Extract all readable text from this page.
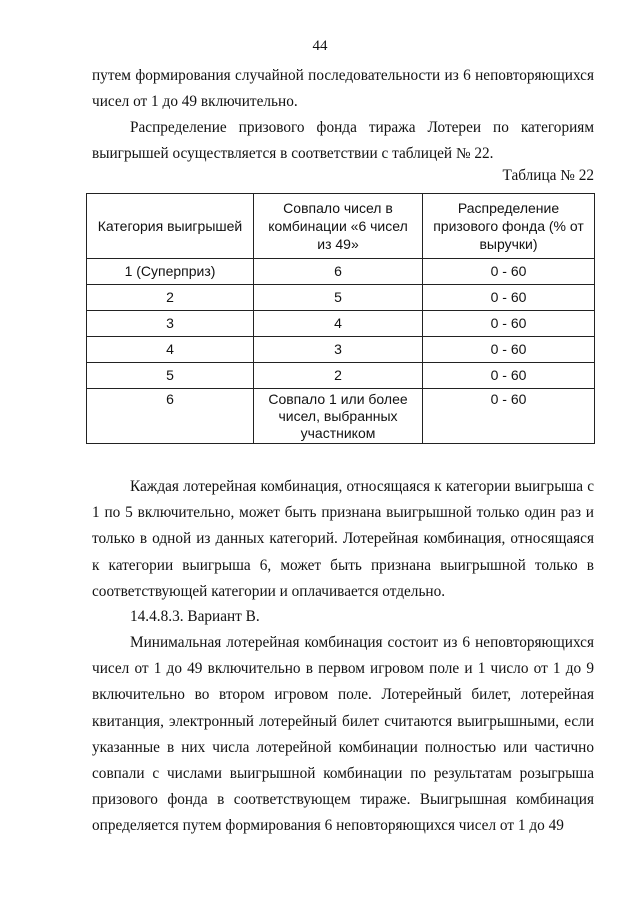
44

путем формирования случайной последовательности из 6 неповторяющихся чисел от 1 до 49 включительно.

Распределение призового фонда тиража Лотереи по категориям выигрышей осуществляется в соответствии с таблицей № 22.

Таблица № 22
Категория выигрышей	Совпало чисел в комбинации «6 чисел из 49»	Распределение призового фонда (% от выручки)
1 (Суперприз)	6	0 - 60
2	5	0 - 60
3	4	0 - 60
4	3	0 - 60
5	2	0 - 60
6	Совпало 1 или более чисел, выбранных участником	0 - 60

Каждая лотерейная комбинация, относящаяся к категории выигрыша с 1 по 5 включительно, может быть признана выигрышной только один раз и только в одной из данных категорий. Лотерейная комбинация, относящаяся к категории выигрыша 6, может быть признана выигрышной только в соответствующей категории и оплачивается отдельно.

14.4.8.3. Вариант В.

Минимальная лотерейная комбинация состоит из 6 неповторяющихся чисел от 1 до 49 включительно в первом игровом поле и 1 число от 1 до 9 включительно во втором игровом поле. Лотерейный билет, лотерейная квитанция, электронный лотерейный билет считаются выигрышными, если указанные в них числа лотерейной комбинации полностью или частично совпали с числами выигрышной комбинации по результатам розыгрыша призового фонда в соответствующем тираже. Выигрышная комбинация определяется путем формирования 6 неповторяющихся чисел от 1 до 49
